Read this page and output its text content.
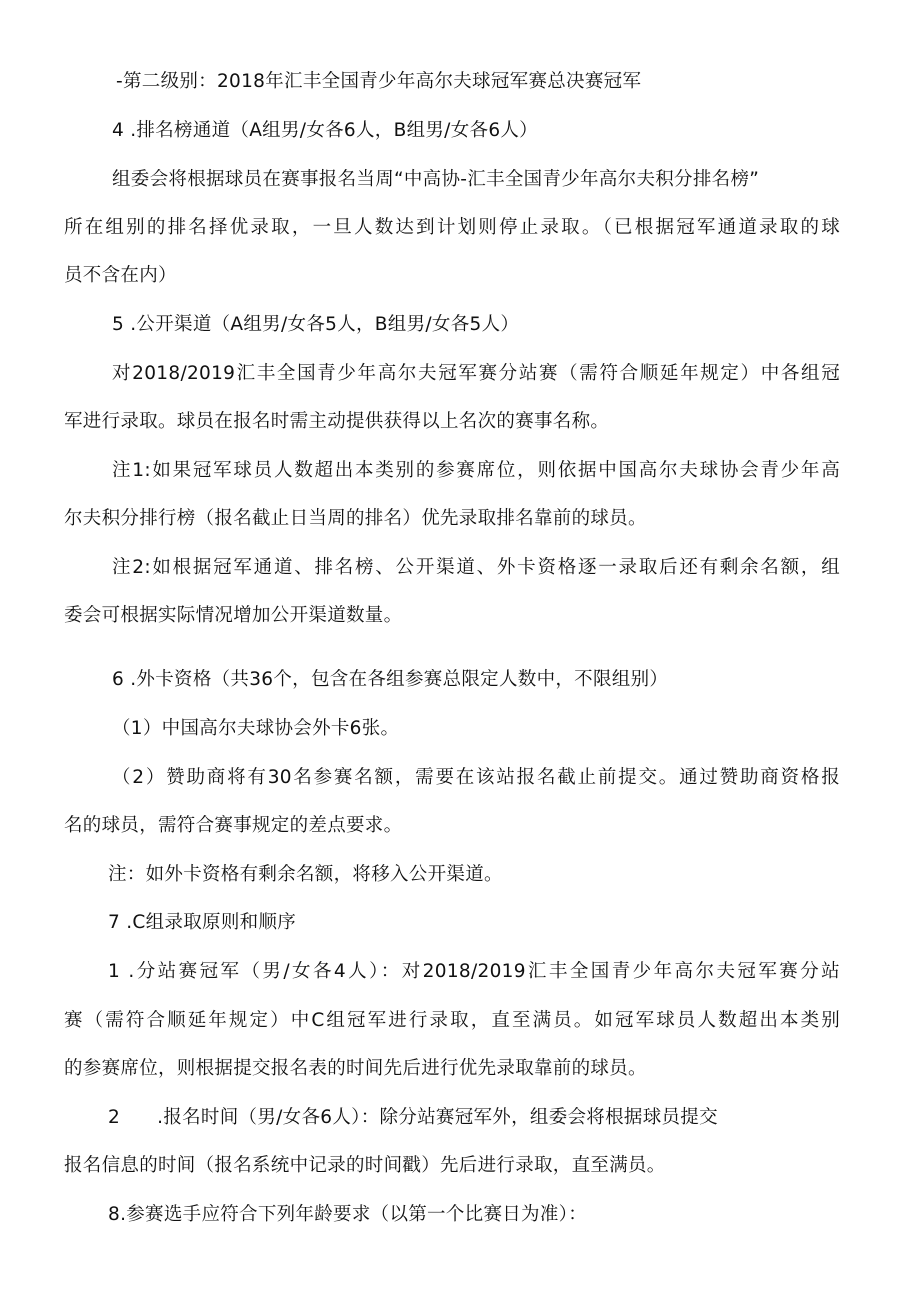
-第二级别：2018年汇丰全国青少年高尔夫球冠军赛总决赛冠军
4 .排名榜通道（A组男/女各6人，B组男/女各6人）
组委会将根据球员在赛事报名当周“中高协-汇丰全国青少年高尔夫积分排名榜”
所在组别的排名择优录取，一旦人数达到计划则停止录取。（已根据冠军通道录取的球
员不含在内）
5 .公开渠道（A组男/女各5人，B组男/女各5人）
对2018/2019汇丰全国青少年高尔夫冠军赛分站赛（需符合顺延年规定）中各组冠
军进行录取。球员在报名时需主动提供获得以上名次的赛事名称。
注1:如果冠军球员人数超出本类别的参赛席位，则依据中国高尔夫球协会青少年高
尔夫积分排行榜（报名截止日当周的排名）优先录取排名靠前的球员。
注2:如根据冠军通道、排名榜、公开渠道、外卡资格逐一录取后还有剩余名额，组
委会可根据实际情况增加公开渠道数量。
6 .外卡资格（共36个，包含在各组参赛总限定人数中，不限组别）
（1）中国高尔夫球协会外卡6张。
（2）赞助商将有30名参赛名额，需要在该站报名截止前提交。通过赞助商资格报
名的球员，需符合赛事规定的差点要求。
注：如外卡资格有剩余名额，将移入公开渠道。
7 .C组录取原则和顺序
1 .分站赛冠军（男/女各4人）：对2018/2019汇丰全国青少年高尔夫冠军赛分站
赛（需符合顺延年规定）中C组冠军进行录取，直至满员。如冠军球员人数超出本类别
的参赛席位，则根据提交报名表的时间先后进行优先录取靠前的球员。
2      .报名时间（男/女各6人）：除分站赛冠军外，组委会将根据球员提交
报名信息的时间（报名系统中记录的时间戳）先后进行录取，直至满员。
8.参赛选手应符合下列年龄要求（以第一个比赛日为准）：
